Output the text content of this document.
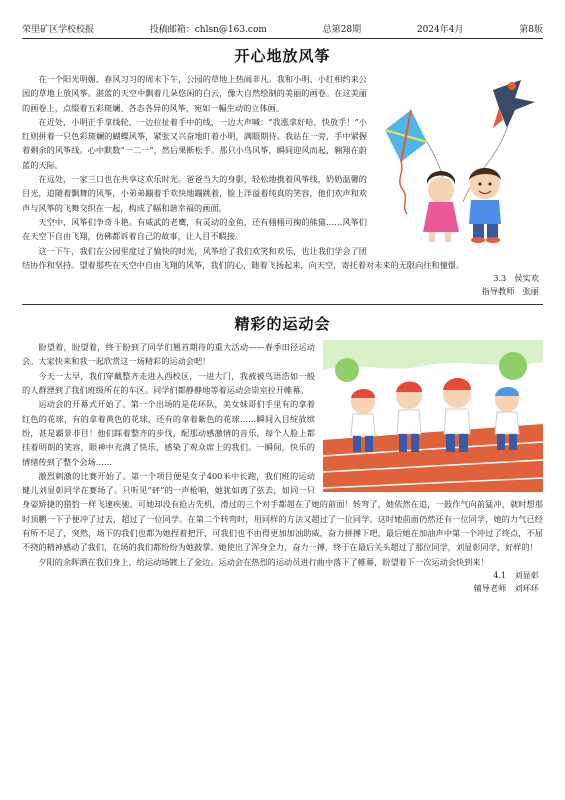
荣里矿区学校校报	投稿邮箱：chlsn@163.com	总第28期	2024年4月	第8版
开心地放风筝

在一个阳光明媚、春风习习的周末下午，公园的草地上热闹非凡。我和小明、小红相约来公园的草地上放风筝。湛蓝的天空中飘着几朵悠闲的白云，像大自然绘制的美丽的画卷。在这美丽的画卷上，点缀着五彩斑斓、各态各异的风筝，宛如一幅生动的立体画。

在近处，小明正手拿线轮，一边拉扯着手中的线，一边大声喊：“我涨拿好哈，快放手！”小红则拼着一只色彩斑斓的蝴蝶风筝，紧张又兴奋地盯着小明，满眼期待。我站在一旁，手中紧握着剩余的风筝线。心中默数“一二一”，然后果断松手。那只小鸟风筝，瞬间迎风而起，翱翔在蔚蓝的天际。

在远处，一家三口也在共享这欢乐时光。爸爸当大的身影，轻松地携着风筝线，奶奶温馨的目光，追随着飘舞的风筝，小弟弟蹦着手欢快地蹦跳着，脸上洋溢着纯真的笑容，他们欢声和欢声与风筝的飞舞交织在一起，构成了幅和谐幸福的画面。

天空中，风筝们争奇斗艳。有威武的老鹰，有灵动的金鱼，还有栩栩可掬的熊猫……风筝们在天空下自由飞翔，仿佛都诉着自己的故事，让人目不暇接。

这一下午，我们在公园里度过了愉快的时光，风筝给了我们欢笑和欢乐，也让我们学会了团结协作和坚持。望着那些在天空中自由飞翔的风筝，我们的心，随着飞扬起来，向天空，寄托着对未来的无限向往和憧憬。

3.3　侯实欢
指导教师　张丽
精彩的运动会

盼望着，盼望着，终于盼到了同学们翘首期待的重大活动——春季田径运动会。大家快来和我一起欣赏这一场精彩的运动会吧！

今天一大早，我们穿戴整齐走进入西校区，一进大门，我被被鸟语浩如一般的人群湮到了我们班级所在的车区。同学们都静静地等着运动会崇室拉开帷幕。

运动会的开幕式开始了。第一个出场的是花环队，美女妹哥们手里有的拿着红色的花球，有的拿着黄色的花球，还有的拿着紫色的花球……瞬间入目绽放缤纷，甚是霸景非目！他们踩着整齐的步伐，配那动感激情的音乐，每个人脸上都挂着明朗的笑容，眼神中充满了快乐，感染了观众席上的我们。一瞬间，快乐的情绪传到了整个会场……

激烈刺激的比赛开始了。第一个项目便是女子400米中长跑，我们班的运动健儿刘显彰同学在赛场了。只听见“砰”的一声枪响，她犹如离了弦去，如同一只身姿矫捷的猎豹一样飞速疾驰。可她却没有抢占先机，滑过的三个对手都超在了她的前面！转弯了，她依然在追，一鼓作气向前猛冲，就时想那时顶鹏一下子便冲了过去，超过了一位同学。在第二个转弯时，用同样的方法又超过了一位同学。这时她前面仍然还有一位同学，她的力气已经有所不足了，突然，场下的我们也都为她捏着把汗，可我们也不由得更加加油助威，奋力拼搏下吧，最后她在加油声中第一个冲过了终点，不屈不挠的精神感动了我们，在场的我们都纷纷为她鼓掌。她使出了浑身全力，奋力一搏，终于在最后关头超过了那位同学，刘显彰同学，好样的！

夕阳的余晖洒在我们身上，给运动场镀上了金边。运动会在热烈的运动员进行曲中落下了帷幕，盼望着下一次运动会快到来！

4.1　刘显彰
辅导老师　刘环环
